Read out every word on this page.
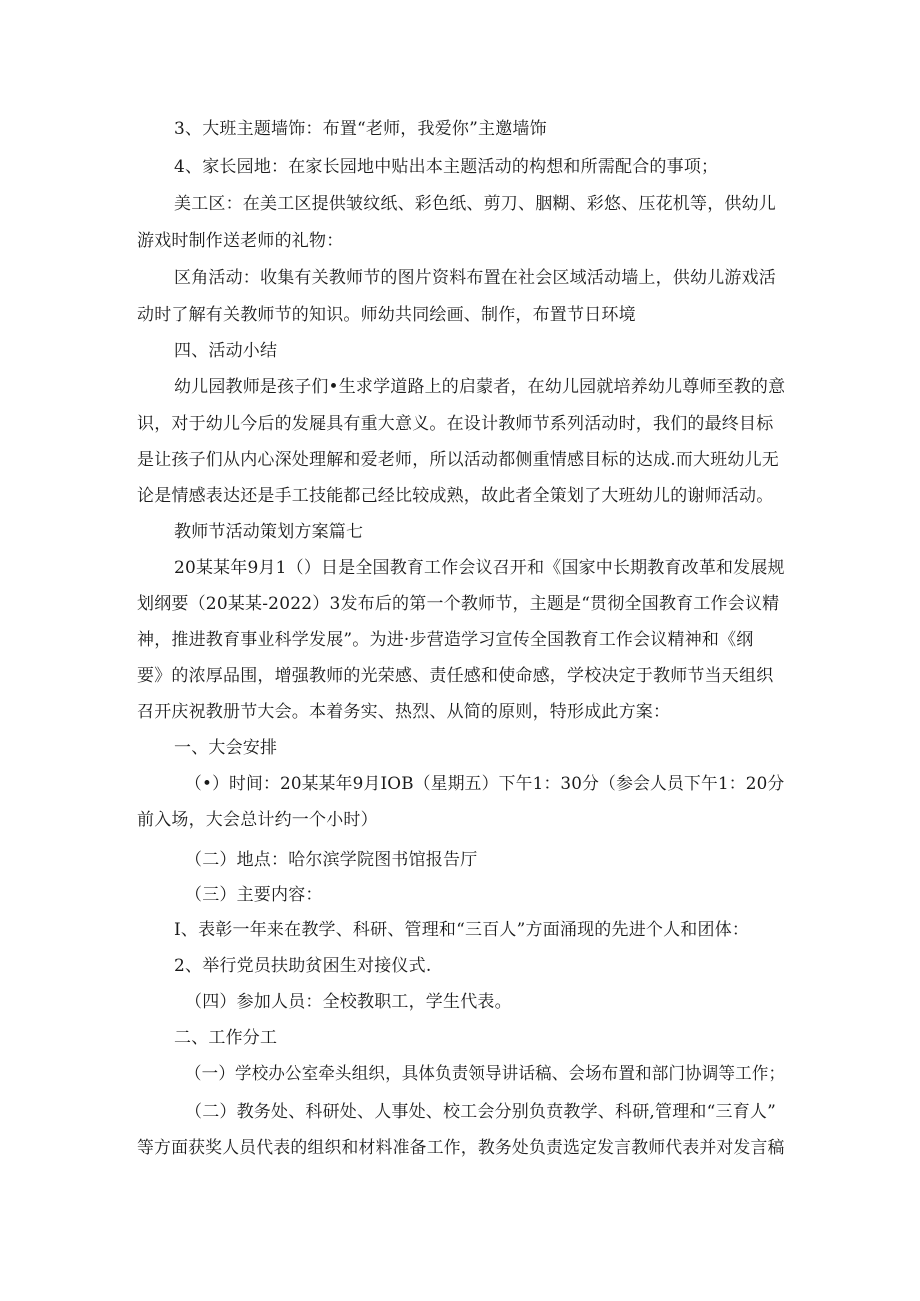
3、大班主题墙饰：布置“老师，我爱你”主邀墙饰
4、家长园地：在家长园地中贴出本主题活动的构想和所需配合的事项；
美工区：在美工区提供皱纹纸、彩色纸、剪刀、胭糊、彩悠、压花机等，供幼儿
游戏时制作送老师的礼物：
区角活动：收集有关教师节的图片资料布置在社会区域活动墙上，供幼儿游戏活
动时了解有关教师节的知识。师幼共同绘画、制作，布置节日环境
四、活动小结
幼儿园教师是孩子们•生求学道路上的启蒙者，在幼儿园就培养幼儿尊师至教的意
识，对于幼儿今后的发屣具有重大意义。在设计教师节系列活动时，我们的最终目标
是让孩子们从内心深处理解和爱老师，所以活动都侧重情感目标的达成.而大班幼儿无
论是情感表达还是手工技能都己经比较成熟，故此者全策划了大班幼儿的谢师活动。
教师节活动策划方案篇七
20某某年9月1（）日是全国教育工作会议召开和《国家中长期教育改革和发展规
划纲要（20某某-2022）3发布后的第一个教师节，主题是“贯彻全国教育工作会议精
神，推进教育事业科学发展”。为进·步营造学习宣传全国教育工作会议精神和《纲
要》的浓厚品围，增强教师的光荣感、责任感和使命感，学校决定于教师节当天组织
召开庆祝教册节大会。本着务实、热烈、从简的原则，特形成此方案：
一、大会安排
（•）时间：20某某年9月IOB（星期五）下午1：30分（参会人员下午1：20分
前入场，大会总计约一个小时）
（二）地点：哈尔滨学院图书馆报告厅
（三）主要内容：
I、表彰一年来在教学、科研、管理和“三百人”方面涌现的先进个人和团体：
2、举行党员扶助贫困生对接仪式.
（四）参加人员：全校教职工，学生代表。
二、工作分工
（一）学校办公室牵头组织，具体负责领导讲话稿、会场布置和部门协调等工作；
（二）教务处、科研处、人事处、校工会分别负贲教学、科研,管理和“三育人”
等方面获奖人员代表的组织和材料准备工作，教务处负责选定发言教师代表并对发言稿
